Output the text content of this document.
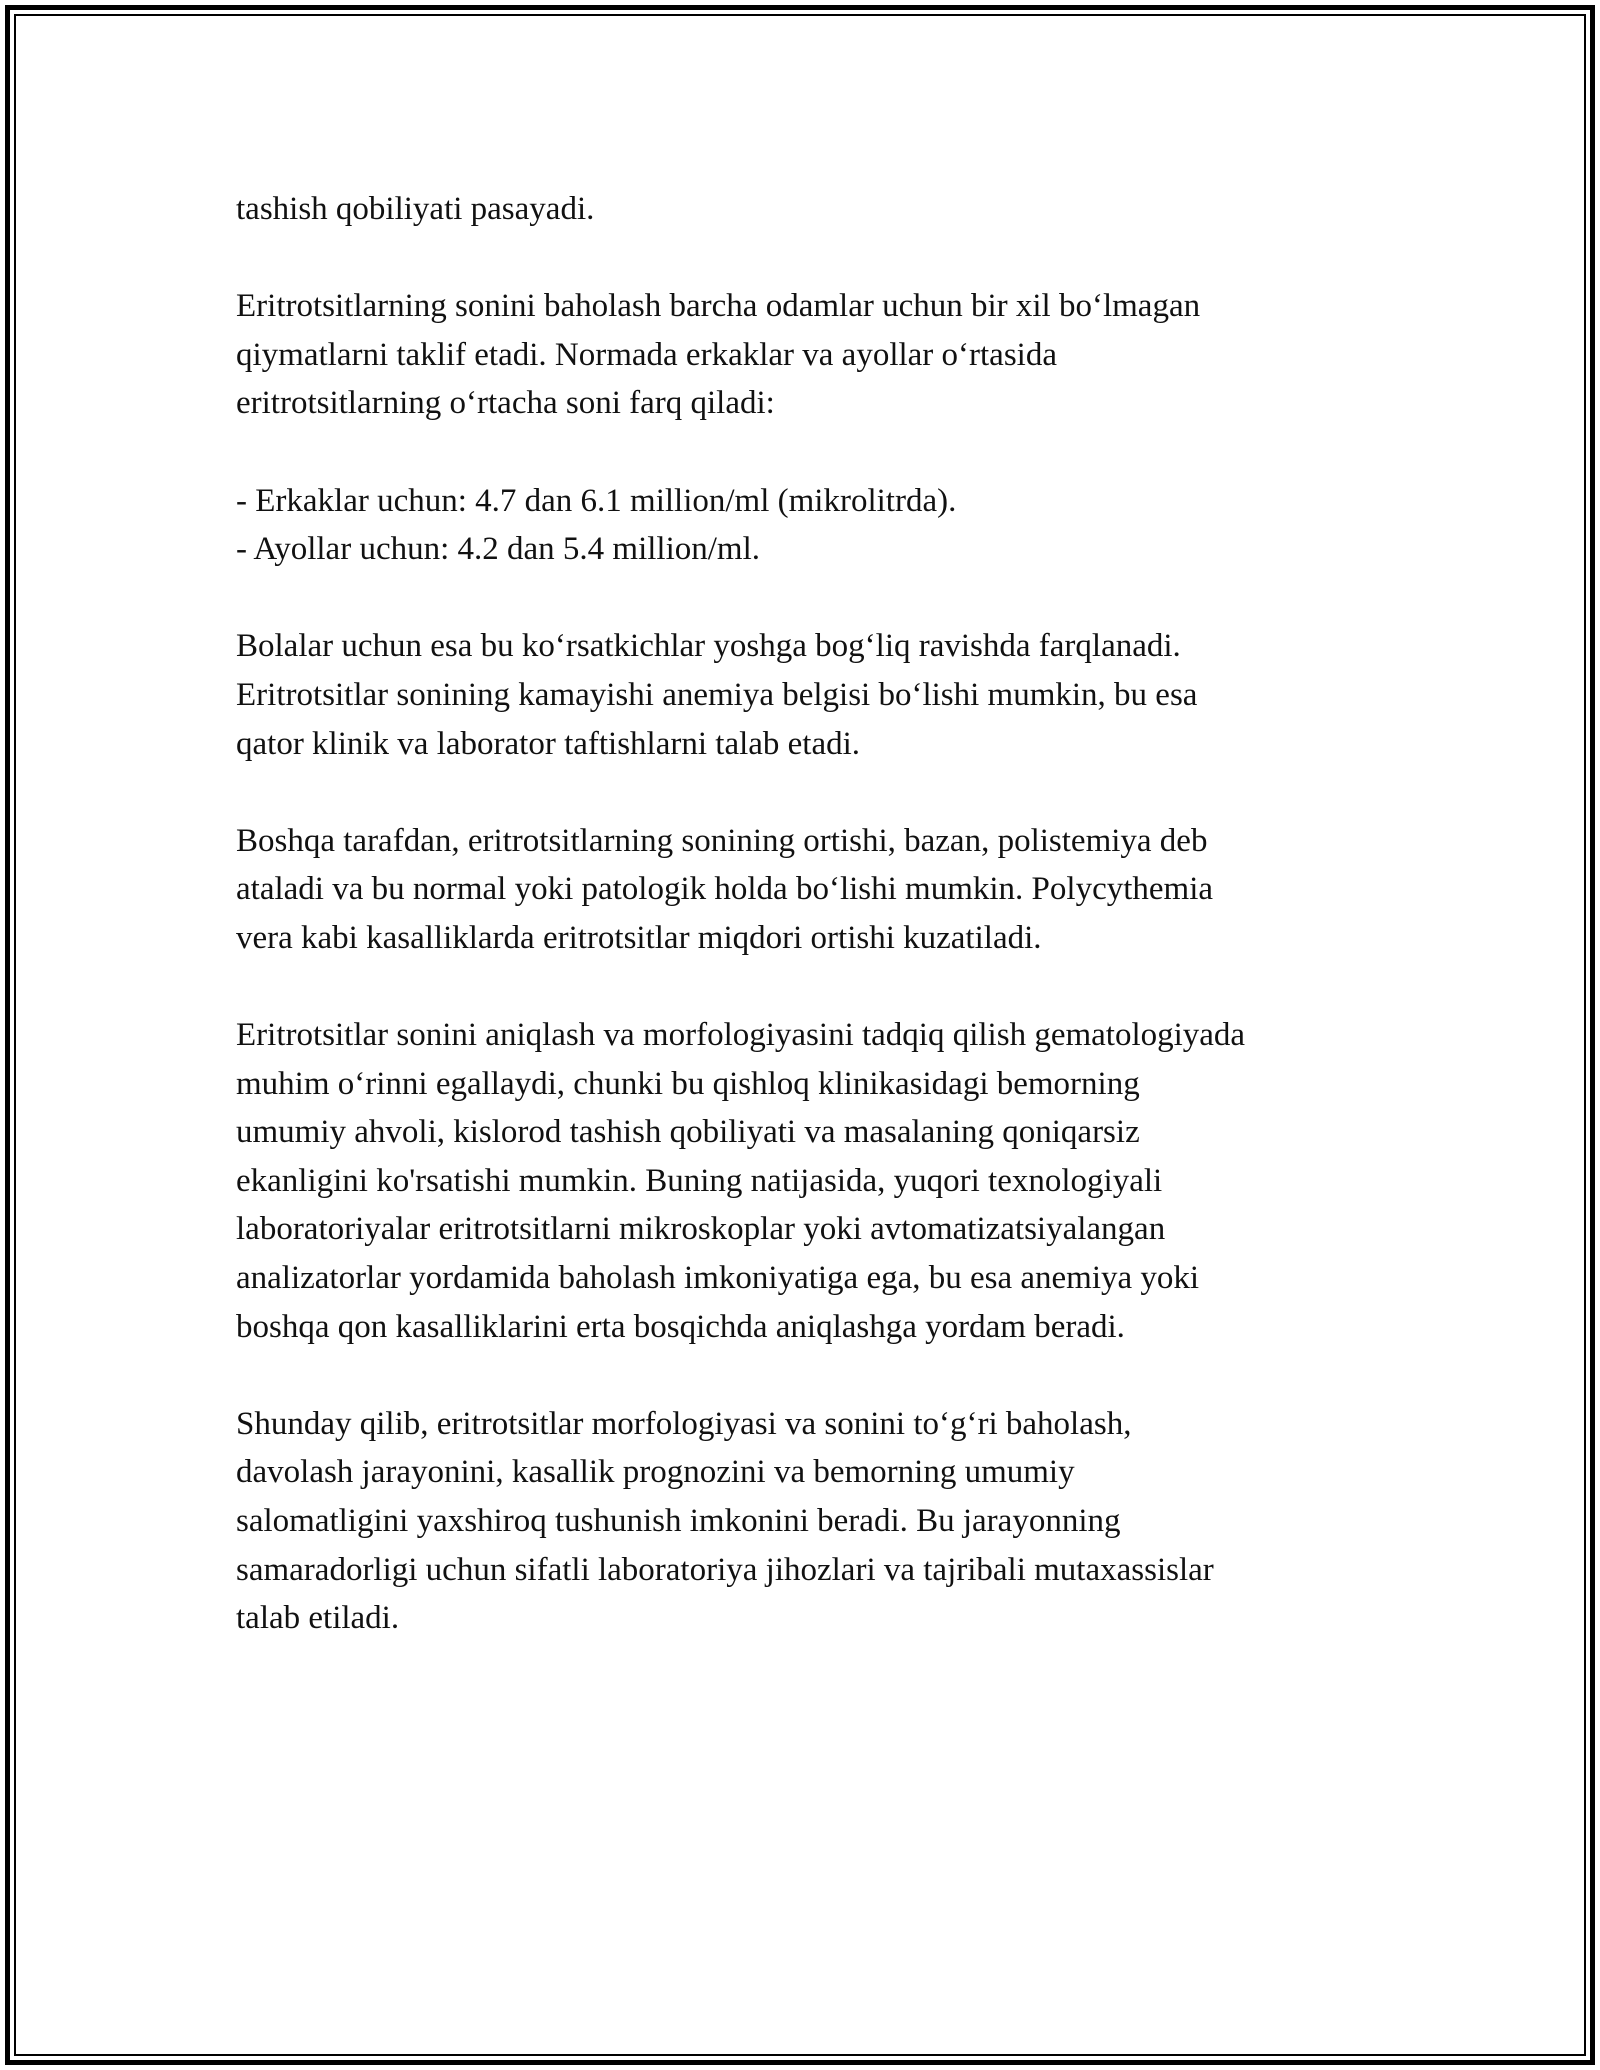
tashish qobiliyati pasayadi.

Eritrotsitlarning sonini baholash barcha odamlar uchun bir xil bo‘lmagan
qiymatlarni taklif etadi. Normada erkaklar va ayollar o‘rtasida
eritrotsitlarning o‘rtacha soni farq qiladi:

- Erkaklar uchun: 4.7 dan 6.1 million/ml (mikrolitrda).
- Ayollar uchun: 4.2 dan 5.4 million/ml.

Bolalar uchun esa bu ko‘rsatkichlar yoshga bog‘liq ravishda farqlanadi.
Eritrotsitlar sonining kamayishi anemiya belgisi bo‘lishi mumkin, bu esa
qator klinik va laborator taftishlarni talab etadi.

Boshqa tarafdan, eritrotsitlarning sonining ortishi, bazan, polistemiya deb
ataladi va bu normal yoki patologik holda bo‘lishi mumkin. Polycythemia
vera kabi kasalliklarda eritrotsitlar miqdori ortishi kuzatiladi.

Eritrotsitlar sonini aniqlash va morfologiyasini tadqiq qilish gematologiyada
muhim o‘rinni egallaydi, chunki bu qishloq klinikasidagi bemorning
umumiy ahvoli, kislorod tashish qobiliyati va masalaning qoniqarsiz
ekanligini ko'rsatishi mumkin. Buning natijasida, yuqori texnologiyali
laboratoriyalar eritrotsitlarni mikroskoplar yoki avtomatizatsiyalangan
analizatorlar yordamida baholash imkoniyatiga ega, bu esa anemiya yoki
boshqa qon kasalliklarini erta bosqichda aniqlashga yordam beradi.

Shunday qilib, eritrotsitlar morfologiyasi va sonini to‘g‘ri baholash,
davolash jarayonini, kasallik prognozini va bemorning umumiy
salomatligini yaxshiroq tushunish imkonini beradi. Bu jarayonning
samaradorligi uchun sifatli laboratoriya jihozlari va tajribali mutaxassislar
talab etiladi.
